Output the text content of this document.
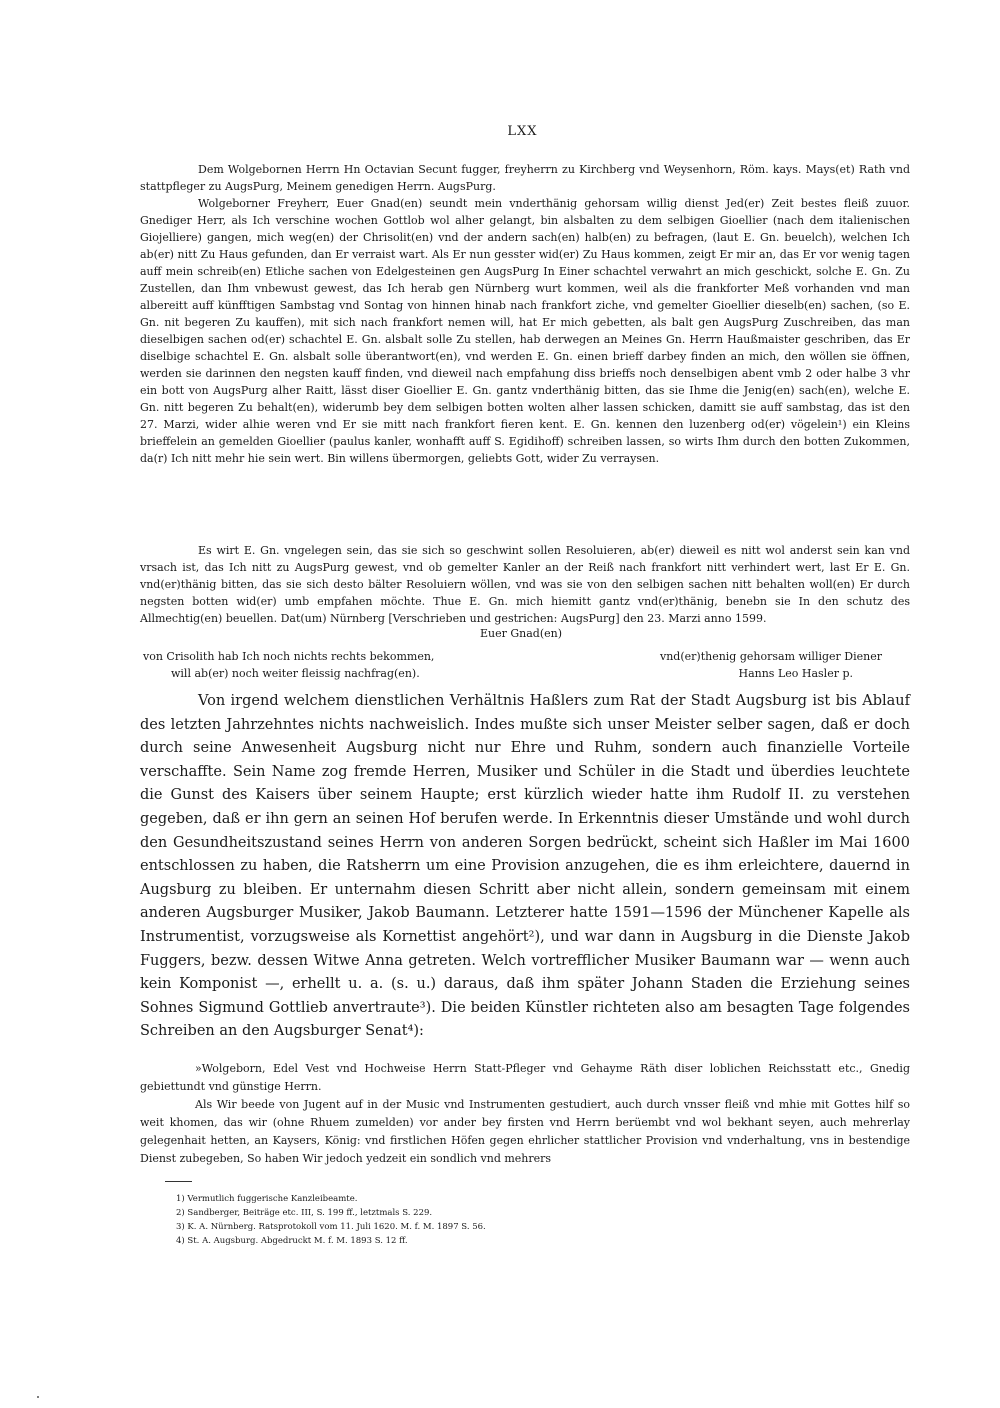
LXX

Dem Wolgebornen Herrn Hn Octavian Secunt fugger, freyherrn zu Kirchberg vnd Weysenhorn, Röm. kays. Mays(et) Rath vnd stattpfleger zu AugsPurg, Meinem genedigen Herrn. AugsPurg.

Wolgeborner Freyherr, Euer Gnad(en) seundt mein vnderthänig gehorsam willig dienst Jed(er) Zeit bestes fleiß zuuor. Gnediger Herr, als Ich verschine wochen Gottlob wol alher gelangt, bin alsbalten zu dem selbigen Gioellier (nach dem italienischen Giojelliere) gangen, mich weg(en) der Chrisolit(en) vnd der andern sach(en) halb(en) zu befragen, (laut E. Gn. beuelch), welchen Ich ab(er) nitt Zu Haus gefunden, dan Er verraist wart. Als Er nun gesster wid(er) Zu Haus kommen, zeigt Er mir an, das Er vor wenig tagen auff mein schreib(en) Etliche sachen von Edelgesteinen gen AugsPurg In Einer schachtel verwahrt an mich geschickt, solche E. Gn. Zu Zustellen, dan Ihm vnbewust gewest, das Ich herab gen Nürnberg wurt kommen, weil als die frankforter Meß vorhanden vnd man albereitt auff künfftigen Sambstag vnd Sontag von hinnen hinab nach frankfort ziche, vnd gemelter Gioellier dieselb(en) sachen, (so E. Gn. nit begeren Zu kauffen), mit sich nach frankfort nemen will, hat Er mich gebetten, als balt gen AugsPurg Zuschreiben, das man dieselbigen sachen od(er) schachtel E. Gn. alsbalt solle Zu stellen, hab derwegen an Meines Gn. Herrn Haußmaister geschriben, das Er diselbige schachtel E. Gn. alsbalt solle überantwort(en), vnd werden E. Gn. einen brieff darbey finden an mich, den wöllen sie öffnen, werden sie darinnen den negsten kauff finden, vnd dieweil nach empfahung diss brieffs noch denselbigen abent vmb 2 oder halbe 3 vhr ein bott von AugsPurg alher Raitt, lässt diser Gioellier E. Gn. gantz vnderthänig bitten, das sie Ihme die Jenig(en) sach(en), welche E. Gn. nitt begeren Zu behalt(en), widerumb bey dem selbigen botten wolten alher lassen schicken, damitt sie auff sambstag, das ist den 27. Marzi, wider alhie weren vnd Er sie mitt nach frankfort fieren kent. E. Gn. kennen den luzenberg od(er) vögelein¹) ein Kleins brieffelein an gemelden Gioellier (paulus kanler, wonhafft auff S. Egidihoff) schreiben lassen, so wirts Ihm durch den botten Zukommen, da(r) Ich nitt mehr hie sein wert. Bin willens übermorgen, geliebts Gott, wider Zu verraysen.

Es wirt E. Gn. vngelegen sein, das sie sich so geschwint sollen Resoluieren, ab(er) dieweil es nitt wol anderst sein kan vnd vrsach ist, das Ich nitt zu AugsPurg gewest, vnd ob gemelter Kanler an der Reiß nach frankfort nitt verhindert wert, last Er E. Gn. vnd(er)thänig bitten, das sie sich desto bälter Resoluiern wöllen, vnd was sie von den selbigen sachen nitt behalten woll(en) Er durch negsten botten wid(er) umb empfahen möchte. Thue E. Gn. mich hiemitt gantz vnd(er)thänig, benebn sie In den schutz des Allmechtig(en) beuellen. Dat(um) Nürnberg [Verschrieben und gestrichen: AugsPurg] den 23. Marzi anno 1599.

Euer Gnad(en)
von Crisolith hab Ich noch nichts rechts bekommen,
will ab(er) noch weiter fleissig nachfrag(en).
vnd(er)thenig gehorsam williger Diener
Hanns Leo Hasler p.

Von irgend welchem dienstlichen Verhältnis Haßlers zum Rat der Stadt Augsburg ist bis Ablauf des letzten Jahrzehntes nichts nachweislich. Indes mußte sich unser Meister selber sagen, daß er doch durch seine Anwesenheit Augsburg nicht nur Ehre und Ruhm, sondern auch finanzielle Vorteile verschaffte. Sein Name zog fremde Herren, Musiker und Schüler in die Stadt und überdies leuchtete die Gunst des Kaisers über seinem Haupte; erst kürzlich wieder hatte ihm Rudolf II. zu verstehen gegeben, daß er ihn gern an seinen Hof berufen werde. In Erkenntnis dieser Umstände und wohl durch den Gesundheitszustand seines Herrn von anderen Sorgen bedrückt, scheint sich Haßler im Mai 1600 entschlossen zu haben, die Ratsherrn um eine Provision anzugehen, die es ihm erleichtere, dauernd in Augsburg zu bleiben. Er unternahm diesen Schritt aber nicht allein, sondern gemeinsam mit einem anderen Augsburger Musiker, Jakob Baumann. Letzterer hatte 1591—1596 der Münchener Kapelle als Instrumentist, vorzugsweise als Kornettist angehört²), und war dann in Augsburg in die Dienste Jakob Fuggers, bezw. dessen Witwe Anna getreten. Welch vortrefflicher Musiker Baumann war — wenn auch kein Komponist —, erhellt u. a. (s. u.) daraus, daß ihm später Johann Staden die Erziehung seines Sohnes Sigmund Gottlieb anvertraute³). Die beiden Künstler richteten also am besagten Tage folgendes Schreiben an den Augsburger Senat⁴):

»Wolgeborn, Edel Vest vnd Hochweise Herrn Statt-Pfleger vnd Gehayme Räth diser loblichen Reichsstatt etc., Gnedig gebiettundt vnd günstige Herrn.

Als Wir beede von Jugent auf in der Music vnd Instrumenten gestudiert, auch durch vnsser fleiß vnd mhie mit Gottes hilf so weit khomen, das wir (ohne Rhuem zumelden) vor ander bey firsten vnd Herrn berüembt vnd wol bekhant seyen, auch mehrerlay gelegenhait hetten, an Kaysers, König: vnd firstlichen Höfen gegen ehrlicher stattlicher Provision vnd vnderhaltung, vns in bestendige Dienst zubegeben, So haben Wir jedoch yedzeit ein sondlich vnd mehrers

1) Vermutlich fuggerische Kanzleibeamte.
2) Sandberger, Beiträge etc. III, S. 199 ff., letztmals S. 229.
3) K. A. Nürnberg. Ratsprotokoll vom 11. Juli 1620. M. f. M. 1897 S. 56.
4) St. A. Augsburg. Abgedruckt M. f. M. 1893 S. 12 ff.
